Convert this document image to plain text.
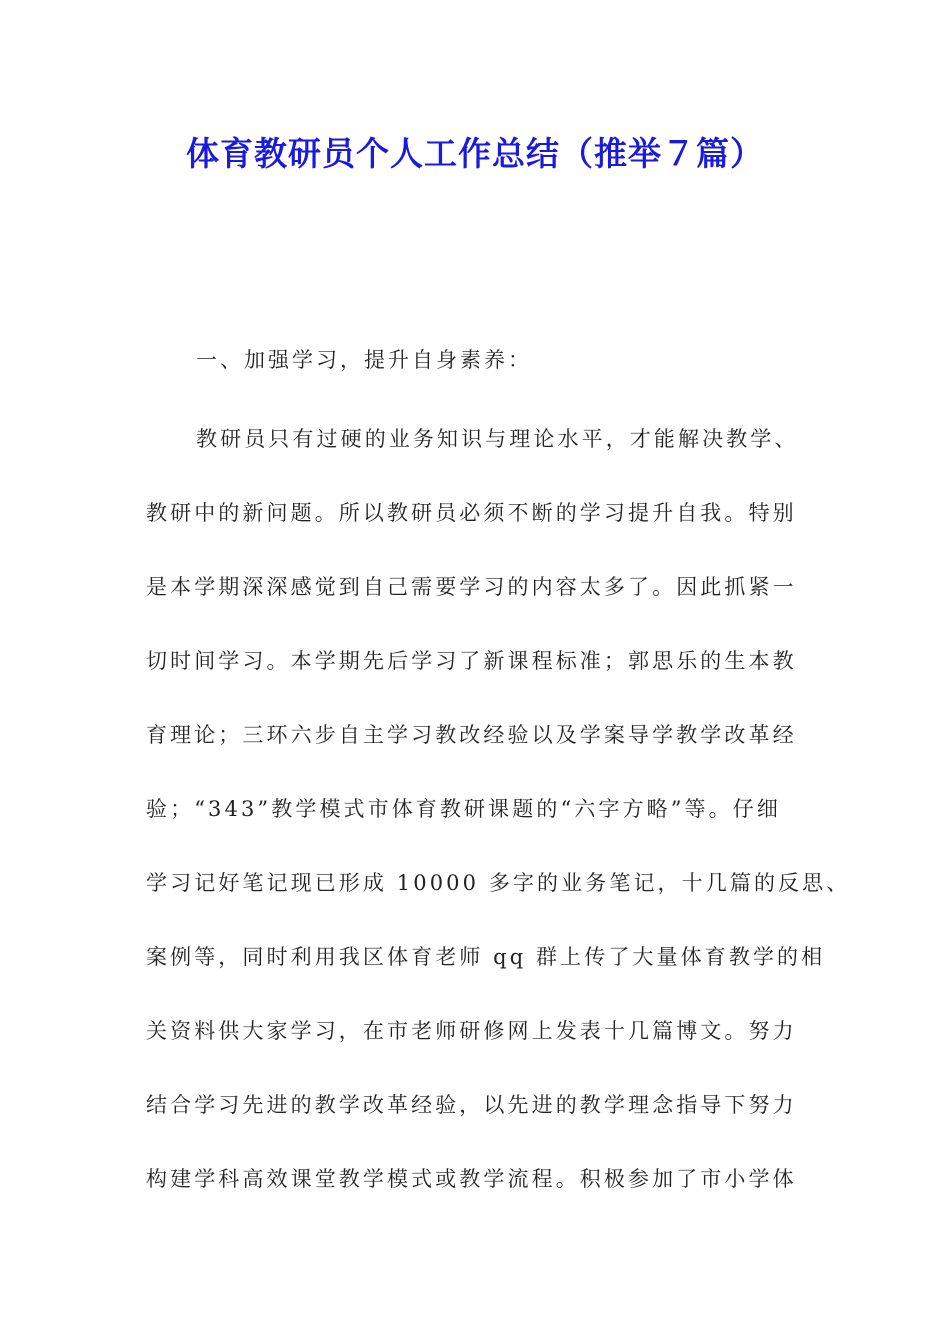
体育教研员个人工作总结（推举７篇）
一、加强学习，提升自身素养：
教研员只有过硬的业务知识与理论水平，才能解决教学、
教研中的新问题。所以教研员必须不断的学习提升自我。特别
是本学期深深感觉到自己需要学习的内容太多了。因此抓紧一
切时间学习。本学期先后学习了新课程标准；郭思乐的生本教
育理论；三环六步自主学习教改经验以及学案导学教学改革经
验；“343”教学模式市体育教研课题的“六字方略”等。仔细
学习记好笔记现已形成 10000 多字的业务笔记，十几篇的反思、
案例等，同时利用我区体育老师 qq 群上传了大量体育教学的相
关资料供大家学习，在市老师研修网上发表十几篇博文。努力
结合学习先进的教学改革经验，以先进的教学理念指导下努力
构建学科高效课堂教学模式或教学流程。积极参加了市小学体
